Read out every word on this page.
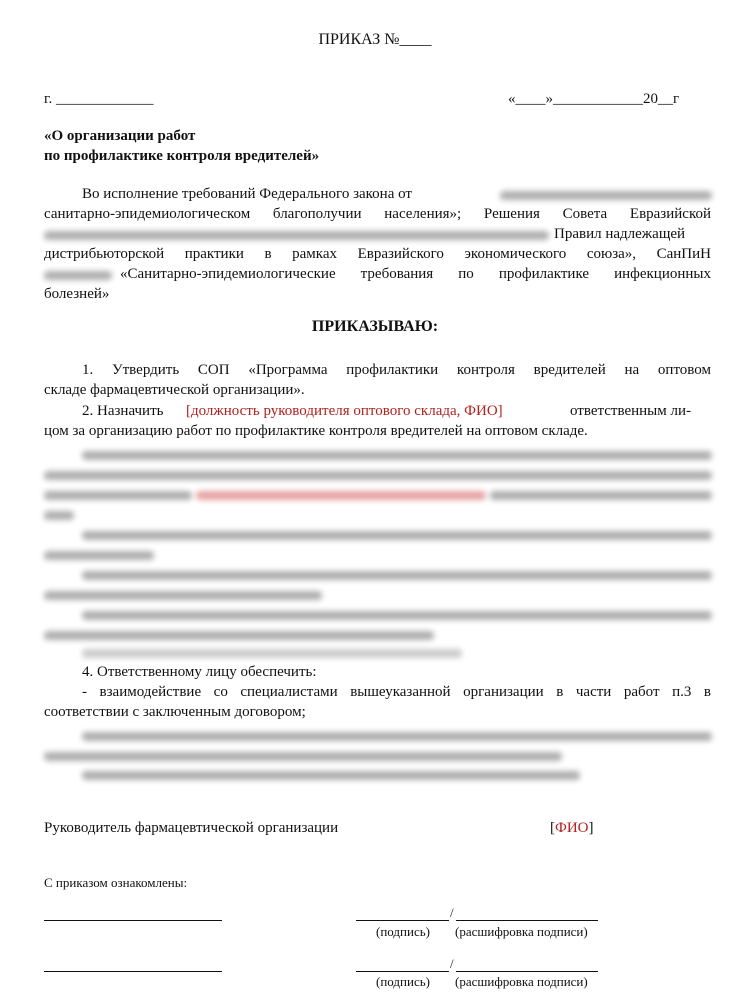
ПРИКАЗ №____
г. _____________	«____»____________20__г
«О организации работ
по профилактике контроля вредителей»
Во исполнение требований Федерального закона от
санитарно-эпидемиологическом благополучии населения»; Решения Совета Евразийской
Правил надлежащей
дистрибьюторской практики в рамках Евразийского экономического союза», СанПиН
«Санитарно-эпидемиологические требования по профилактике инфекционных
болезней»
ПРИКАЗЫВАЮ:
1. Утвердить СОП «Программа профилактики контроля вредителей на оптовом
складе фармацевтической организации».
2. Назначить [должность руководителя оптового склада, ФИО]	ответственным ли-
цом за организацию работ по профилактике контроля вредителей на оптовом складе.
4. Ответственному лицу обеспечить:
- взаимодействие со специалистами вышеуказанной организации в части работ п.3 в
соответствии с заключенным договором;
Руководитель фармацевтической организации	[ФИО]
С приказом ознакомлены:
/
(подпись) (расшифровка подписи)
/
(подпись) (расшифровка подписи)
